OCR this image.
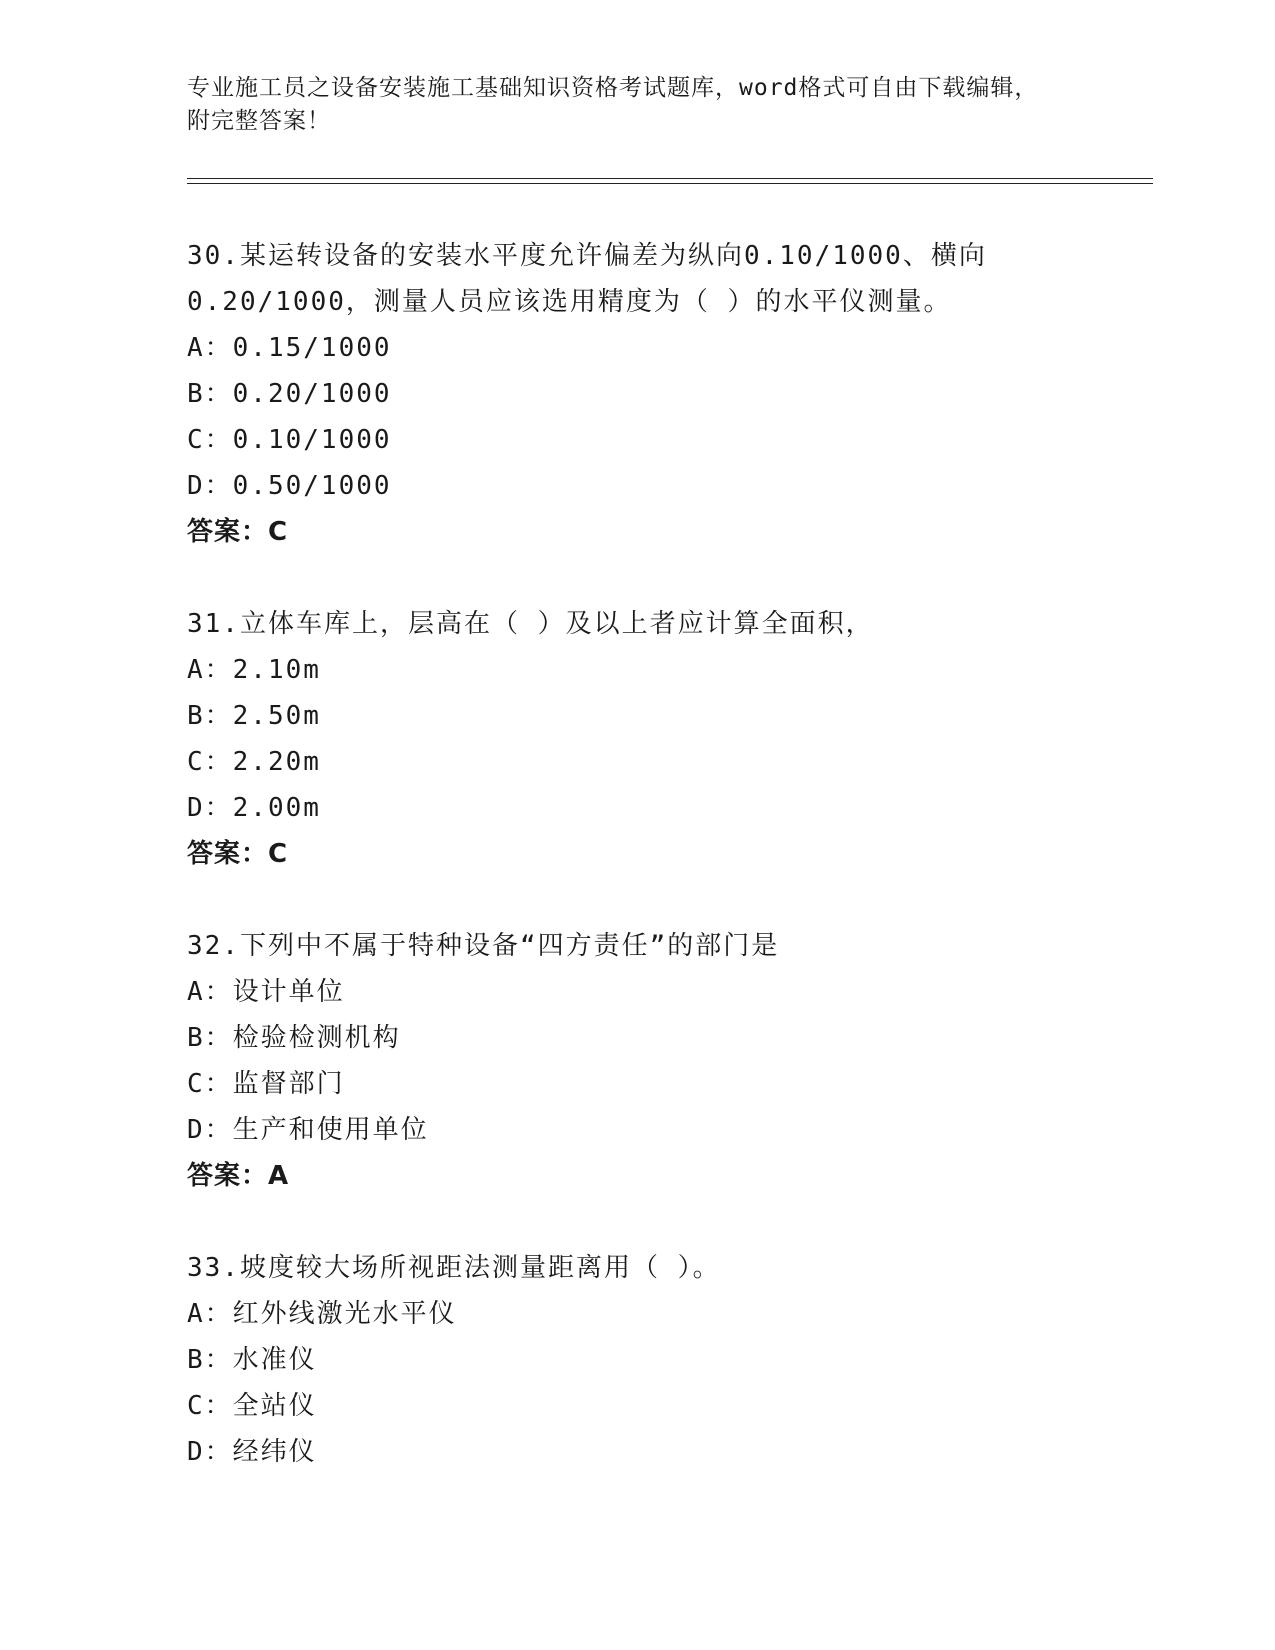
专业施工员之设备安装施工基础知识资格考试题库，word格式可自由下载编辑，
附完整答案！
30.某运转设备的安装水平度允许偏差为纵向0.10/1000、横向
0.20/1000，测量人员应该选用精度为（ ）的水平仪测量。
A：0.15/1000
B：0.20/1000
C：0.10/1000
D：0.50/1000
答案：C
31.立体车库上，层高在（ ）及以上者应计算全面积，
A：2.10m
B：2.50m
C：2.20m
D：2.00m
答案：C
32.下列中不属于特种设备“四方责任”的部门是
A：设计单位
B：检验检测机构
C：监督部门
D：生产和使用单位
答案：A
33.坡度较大场所视距法测量距离用（ ）。
A：红外线激光水平仪
B：水准仪
C：全站仪
D：经纬仪
